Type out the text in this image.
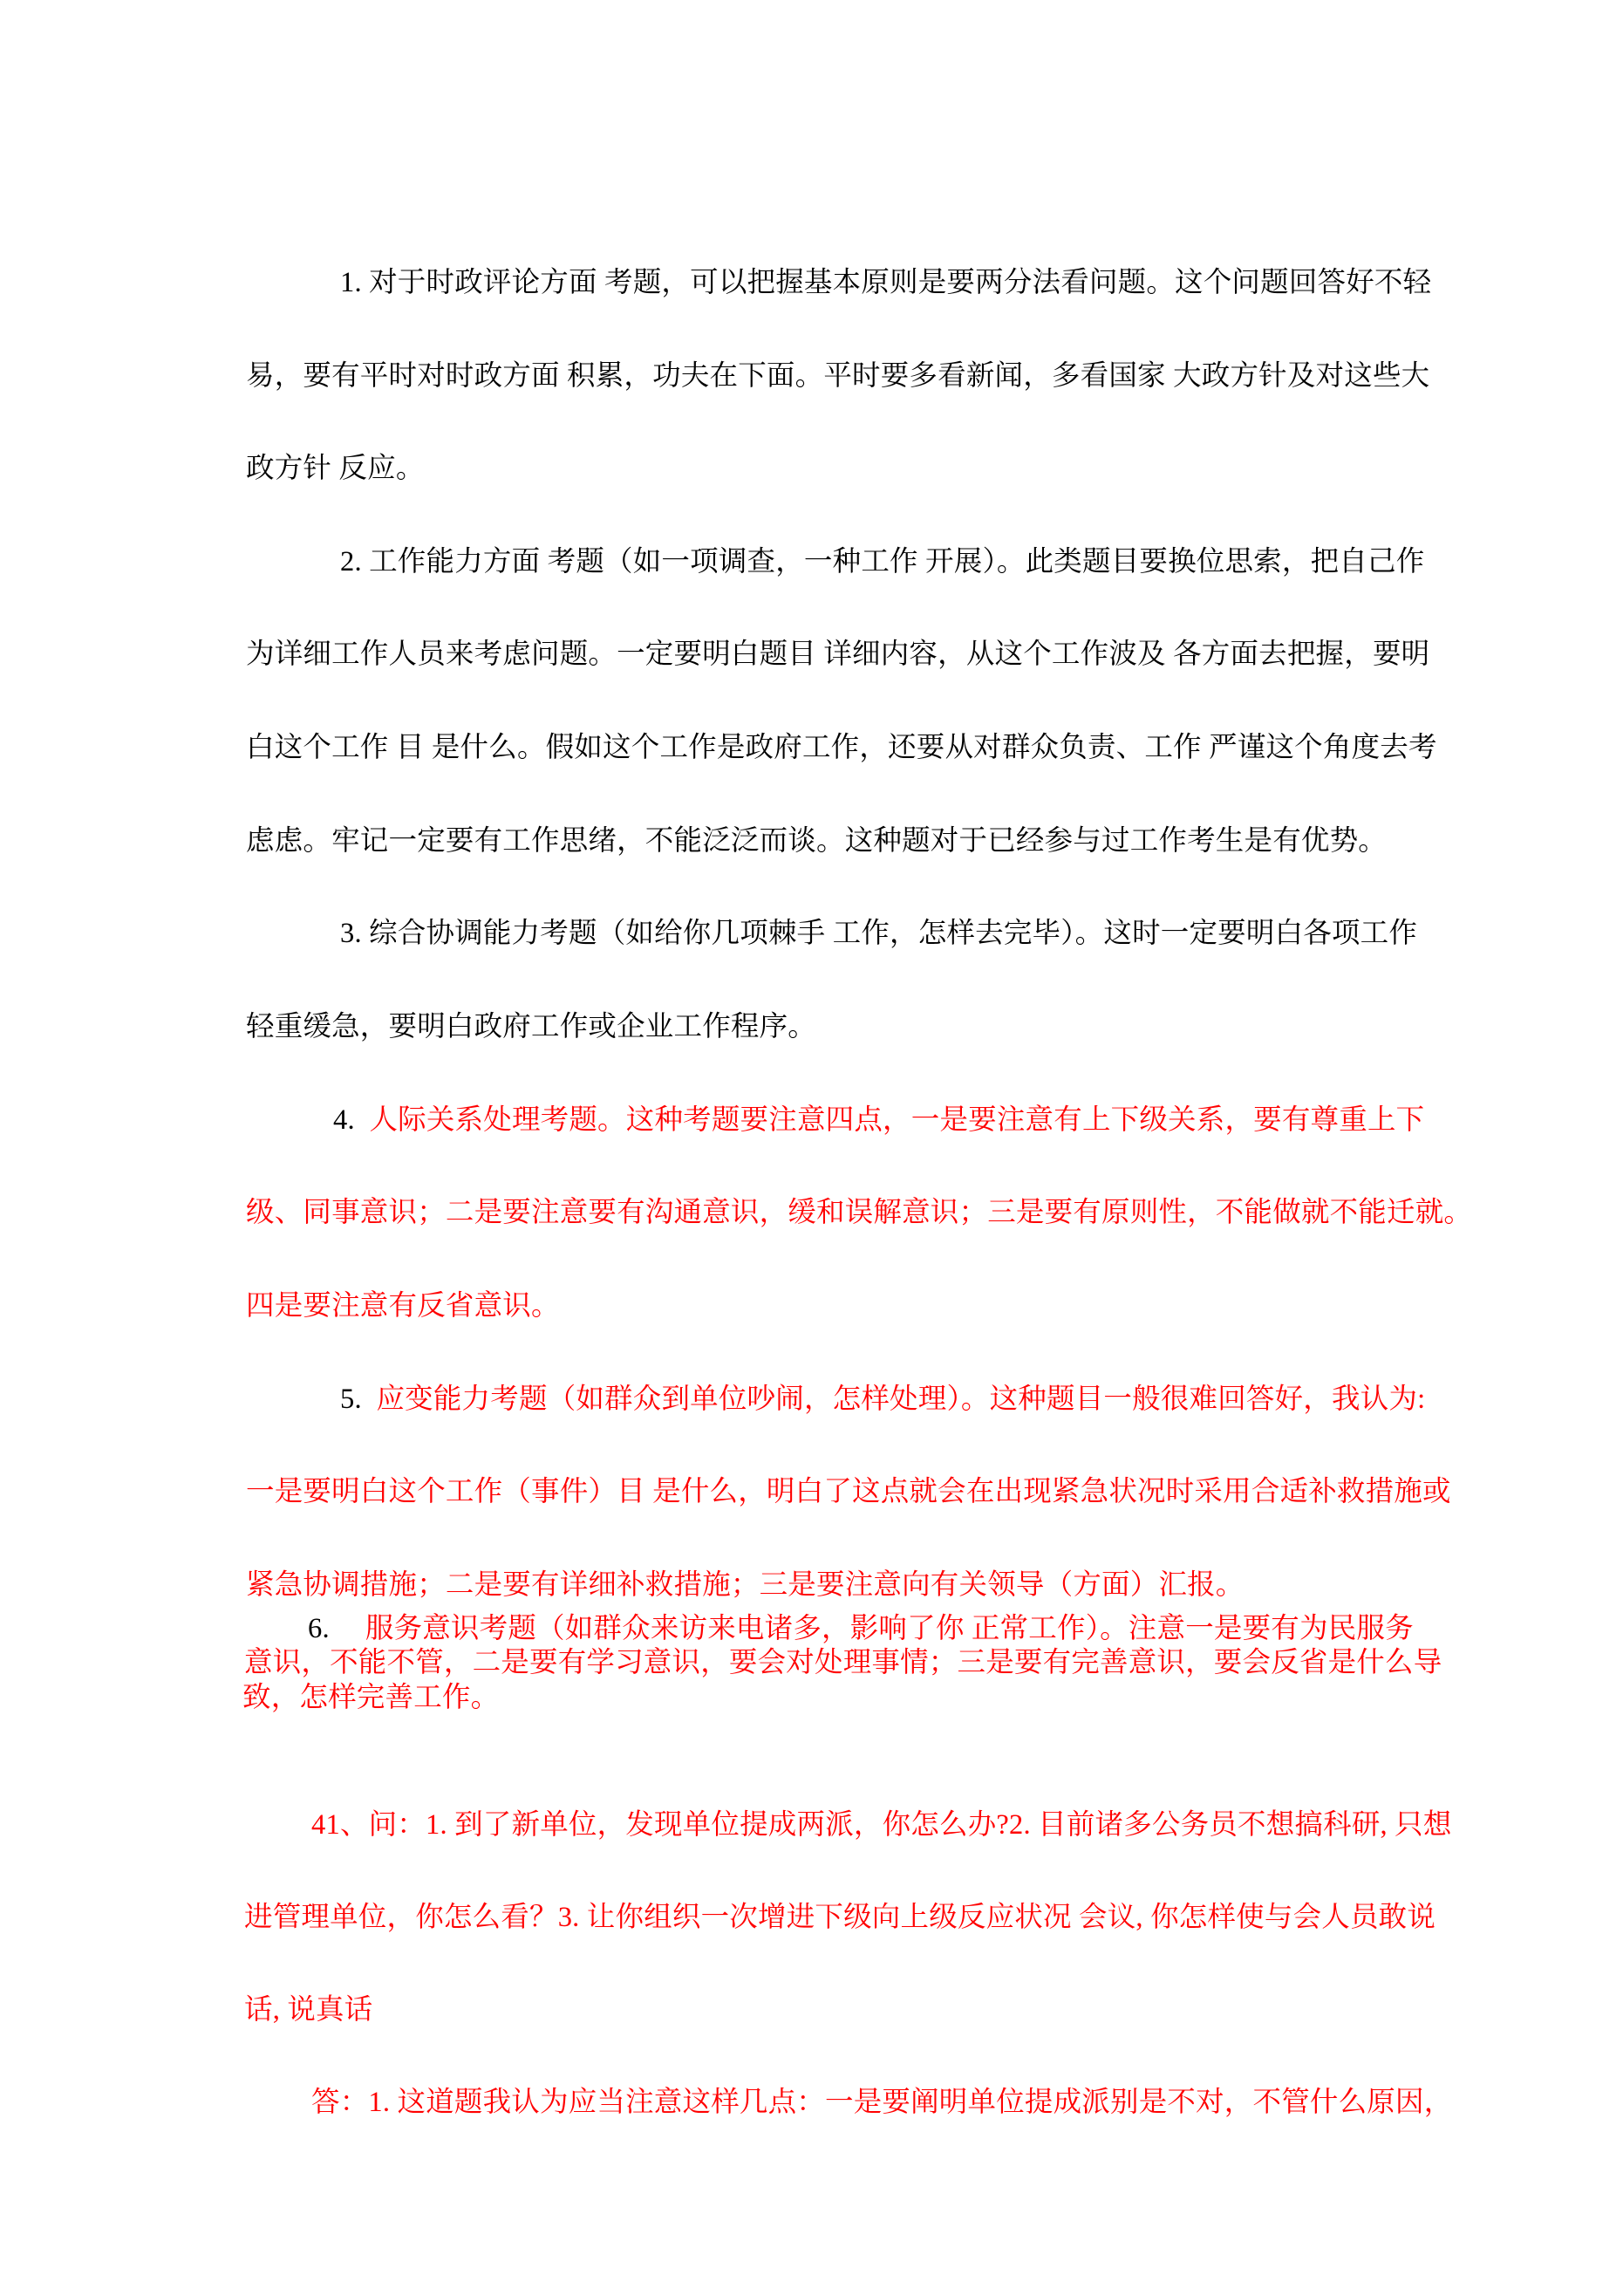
1. 对于时政评论方面 考题，可以把握基本原则是要两分法看问题。这个问题回答好不轻
易，要有平时对时政方面 积累，功夫在下面。平时要多看新闻，多看国家 大政方针及对这些大
政方针 反应。
2. 工作能力方面 考题（如一项调查，一种工作 开展）。此类题目要换位思索，把自己作
为详细工作人员来考虑问题。一定要明白题目 详细内容，从这个工作波及 各方面去把握，要明
白这个工作 目 是什么。假如这个工作是政府工作，还要从对群众负责、工作 严谨这个角度去考
虑虑。牢记一定要有工作思绪，不能泛泛而谈。这种题对于已经参与过工作考生是有优势。
3. 综合协调能力考题（如给你几项棘手 工作，怎样去完毕）。这时一定要明白各项工作
轻重缓急，要明白政府工作或企业工作程序。
4.  人际关系处理考题。这种考题要注意四点，一是要注意有上下级关系，要有尊重上下
级、同事意识；二是要注意要有沟通意识，缓和误解意识；三是要有原则性，不能做就不能迁就。
四是要注意有反省意识。
5.  应变能力考题（如群众到单位吵闹，怎样处理）。这种题目一般很难回答好，我认为:
一是要明白这个工作（事件）目 是什么，明白了这点就会在出现紧急状况时采用合适补救措施或
紧急协调措施；二是要有详细补救措施；三是要注意向有关领导（方面）汇报。
6.　 服务意识考题（如群众来访来电诸多，影响了你 正常工作）。注意一是要有为民服务
意识，不能不管，二是要有学习意识，要会对处理事情；三是要有完善意识，要会反省是什么导
致，怎样完善工作。
41、问：1. 到了新单位，发现单位提成两派，你怎么办?2. 目前诸多公务员不想搞科研, 只想
进管理单位，你怎么看？3. 让你组织一次增进下级向上级反应状况 会议, 你怎样使与会人员敢说
话, 说真话
答：1. 这道题我认为应当注意这样几点：一是要阐明单位提成派别是不对，不管什么原因，
